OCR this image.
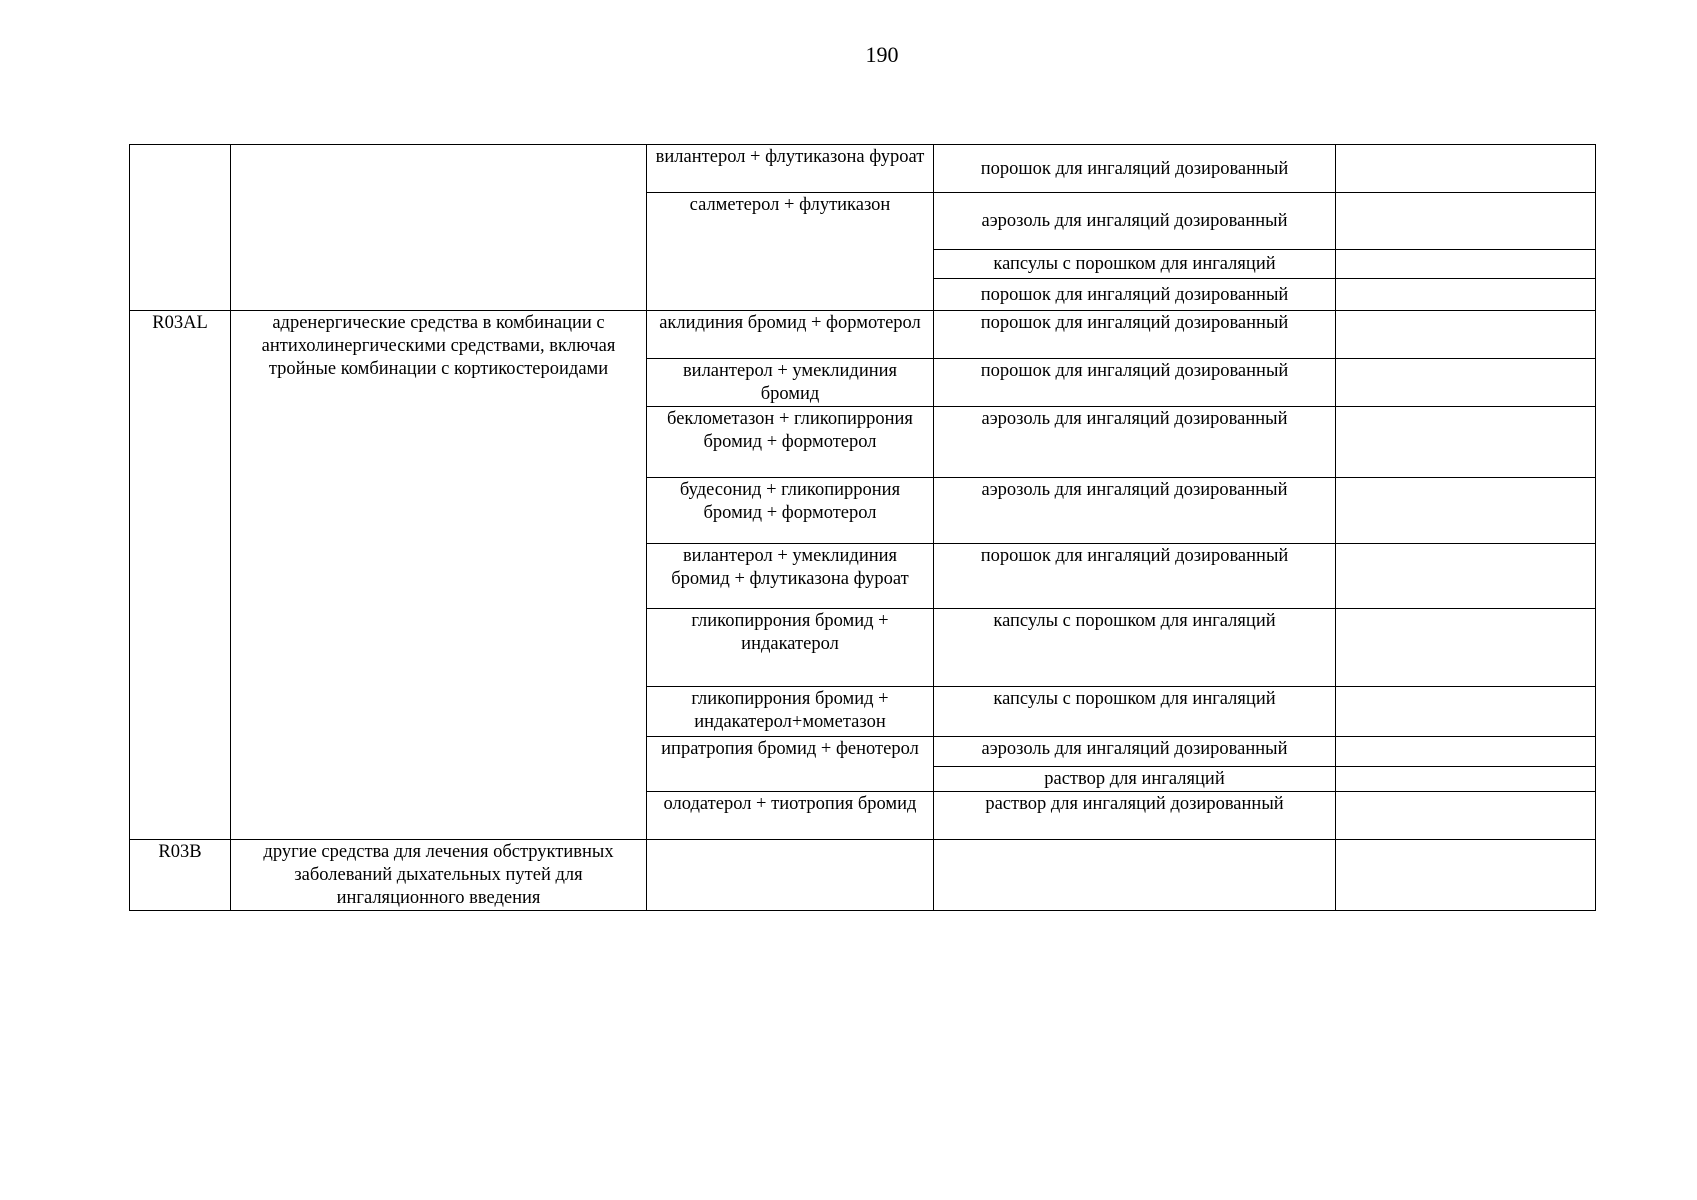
190
		вилантерол + флутиказона фуроат	порошок для ингаляций дозированный	
		салметерол + флутиказон	аэрозоль для ингаляций дозированный	
			капсулы с порошком для ингаляций	
			порошок для ингаляций дозированный	
R03AL	адренергические средства в комбинации с антихолинергическими средствами, включая тройные комбинации с кортикостероидами	аклидиния бромид + формотерол	порошок для ингаляций дозированный	
		вилантерол + умеклидиния бромид	порошок для ингаляций дозированный	
		беклометазон + гликопиррония бромид + формотерол	аэрозоль для ингаляций дозированный	
		будесонид + гликопиррония бромид + формотерол	аэрозоль для ингаляций дозированный	
		вилантерол + умеклидиния бромид + флутиказона фуроат	порошок для ингаляций дозированный	
		гликопиррония бромид + индакатерол	капсулы с порошком для ингаляций	
		гликопиррония бромид + индакатерол+мометазон	капсулы с порошком для ингаляций	
		ипратропия бромид + фенотерол	аэрозоль для ингаляций дозированный	
			раствор для ингаляций	
		олодатерол + тиотропия бромид	раствор для ингаляций дозированный	
R03B	другие средства для лечения обструктивных заболеваний дыхательных путей для ингаляционного введения			
